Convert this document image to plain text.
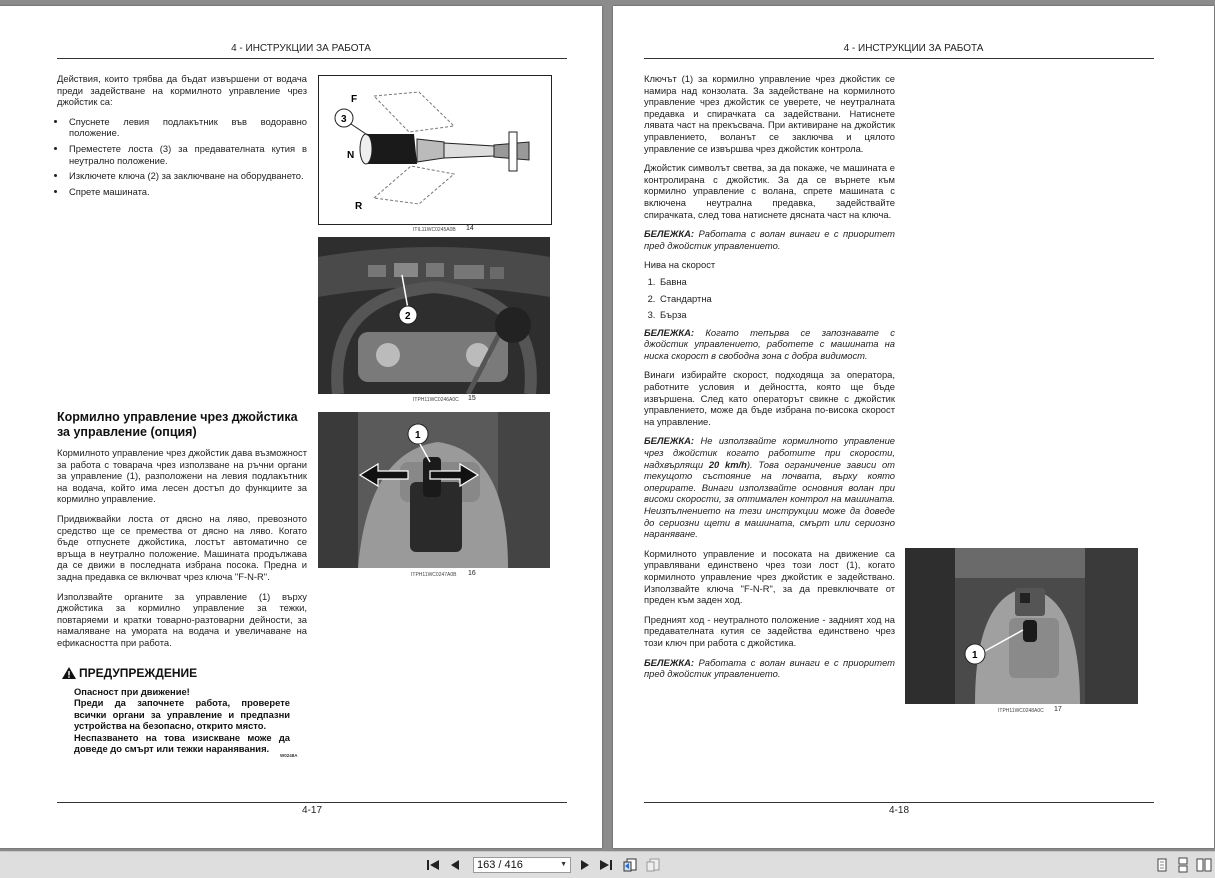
4 - ИНСТРУКЦИИ ЗА РАБОТА

Действия, които трябва да бъдат извършени от водача преди задействане на кормилното управление чрез джойстик са:

• Спуснете левия подлакътник във водоравно положение.
• Преместете лоста (3) за предавателната кутия в неутрално положение.
• Изключете ключа (2) за заключване на оборудването.
• Спрете машината.
3
F
N
R
ITIL11WC0245A0B 14
2
ITPH11WC0246A0C 15
Кормилно управление чрез джойстика за управление (опция)

Кормилното управление чрез джойстик дава възможност за работа с товарача чрез използване на ръчни органи за управление (1), разположени на левия подлакътник на водача, който има лесен достъп до функциите за кормилно управление.

Придвижвайки лоста от дясно на ляво, превозното средство ще се премества от дясно на ляво. Когато бъде отпуснете джойстика, лостът автоматично се връща в неутрално положение. Машината продължава да се движи в последната избрана посока. Предна и задна предавка се включват чрез ключа "F-N-R".

Използвайте органите за управление (1) върху джойстика за кормилно управление за тежки, повтаряеми и кратки товарно-разтоварни дейности, за намаляване на умората на водача и увеличаване на ефикасността при работа.

1
ITPH11WC0247A0B 16
ПРЕДУПРЕЖДЕНИЕ
Опасност при движение!
Преди да започнете работа, проверете всички органи за управление и предпазни устройства на безопасно, открито място.
Неспазването на това изискване може да доведе до смърт или тежки наранявания.
W0248A
4-17
4 - ИНСТРУКЦИИ ЗА РАБОТА

Ключът (1) за кормилно управление чрез джойстик се намира над конзолата. За задействане на кормилното управление чрез джойстик се уверете, че неутралната предавка и спирачката са задействани. Натиснете лявата част на прекъсвача. При активиране на джойстик управлението, воланът се заключва и цялото управление се извършва чрез джойстик контрола.

Джойстик символът светва, за да покаже, че машината е контролирана с джойстик. За да се върнете към кормилно управление с волана, спрете машината с включена неутрална предавка, задействайте спирачката, след това натиснете дясната част на ключа.

БЕЛЕЖКА: Работата с волан винаги е с приоритет пред джойстик управлението.

Нива на скорост

1. Бавна
2. Стандартна
3. Бърза

БЕЛЕЖКА: Когато тепърва се запознавате с джойстик управлението, работете с машината на ниска скорост в свободна зона с добра видимост.

Винаги избирайте скорост, подходяща за оператора, работните условия и дейността, която ще бъде извършена. След като операторът свикне с джойстик управлението, може да бъде избрана по-висока скорост на управление.

БЕЛЕЖКА: Не използвайте кормилното управление чрез джойстик когато работите при скорости, надхвърлящи 20 km/h). Това ограничение зависи от текущото състояние на почвата, върху която оперирате. Винаги използвайте основния волан при високи скорости, за оптимален контрол на машината. Неизпълнението на тези инструкции може да доведе до сериозни щети в машината, смърт или сериозно нараняване.

Кормилното управление и посоката на движение са управлявани единствено чрез този лост (1), когато кормилното управление чрез джойстик е задействано. Използвайте ключа "F-N-R", за да превключвате от преден към заден ход.

Предният ход - неутралното положение - задният ход на предавателната кутия се задейства единствено чрез този ключ при работа с джойстика.

БЕЛЕЖКА: Работата с волан винаги е с приоритет пред джойстик управлението.

1
ITPH11WC0248A0C 17
4-18
163 / 416	▼
